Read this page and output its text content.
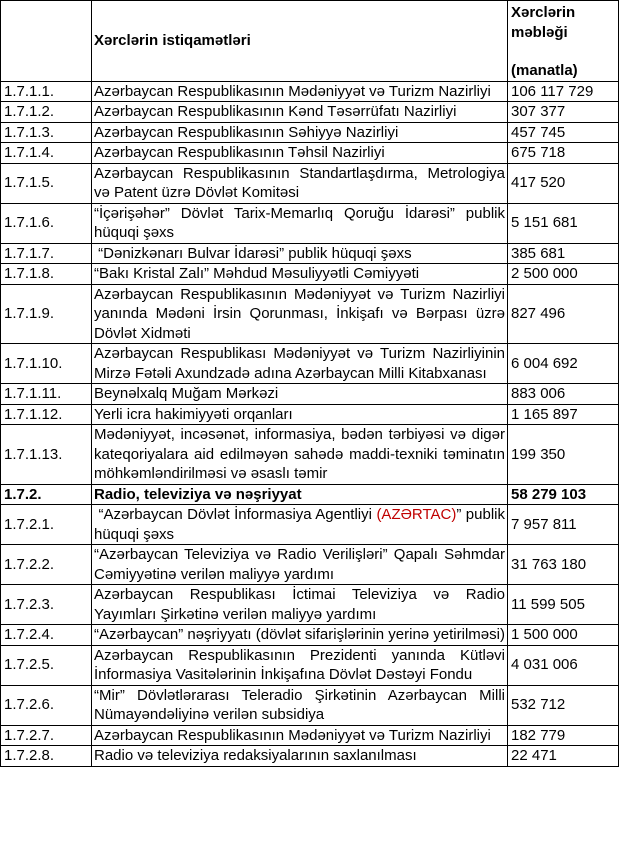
	Xərclərin istiqamətləri	Xərclərin məbləği
(manatla)

1.7.1.1.	Azərbaycan Respublikasının Mədəniyyət və Turizm Nazirliyi	106 117 729
1.7.1.2.	Azərbaycan Respublikasının Kənd Təsərrüfatı Nazirliyi	307 377
1.7.1.3.	Azərbaycan Respublikasının Səhiyyə Nazirliyi	457 745
1.7.1.4.	Azərbaycan Respublikasının Təhsil Nazirliyi	675 718
1.7.1.5.	Azərbaycan Respublikasının Standartlaşdırma, Metrologiya və Patent üzrə Dövlət Komitəsi	417 520
1.7.1.6.	“İçərişəhər” Dövlət Tarix-Memarlıq Qoruğu İdarəsi” publik hüquqi şəxs	5 151 681
1.7.1.7.	“Dənizkənarı Bulvar İdarəsi” publik hüquqi şəxs	385 681
1.7.1.8.	“Bakı Kristal Zalı” Məhdud Məsuliyyətli Cəmiyyəti	2 500 000
1.7.1.9.	Azərbaycan Respublikasının Mədəniyyət və Turizm Nazirliyi yanında Mədəni İrsin Qorunması, İnkişafı və Bərpası üzrə Dövlət Xidməti	827 496
1.7.1.10.	Azərbaycan Respublikası Mədəniyyət və Turizm Nazirliyinin Mirzə Fətəli Axundzadə adına Azərbaycan Milli Kitabxanası	6 004 692
1.7.1.11.	Beynəlxalq Muğam Mərkəzi	883 006
1.7.1.12.	Yerli icra hakimiyyəti orqanları	1 165 897
1.7.1.13.	Mədəniyyət, incəsənət, informasiya, bədən tərbiyəsi və digər kateqoriyalara aid edilməyən sahədə maddi-texniki təminatın möhkəmləndirilməsi və əsaslı təmir	199 350
1.7.2.	Radio, televiziya və nəşriyyat	58 279 103
1.7.2.1.	“Azərbaycan Dövlət İnformasiya Agentliyi (AZƏRTAC)” publik hüquqi şəxs	7 957 811
1.7.2.2.	“Azərbaycan Televiziya və Radio Verilişləri” Qapalı Səhmdar Cəmiyyətinə verilən maliyyə yardımı	31 763 180
1.7.2.3.	Azərbaycan Respublikası İctimai Televiziya və Radio Yayımları Şirkətinə verilən maliyyə yardımı	11 599 505
1.7.2.4.	“Azərbaycan” nəşriyyatı (dövlət sifarişlərinin yerinə yetirilməsi)	1 500 000
1.7.2.5.	Azərbaycan Respublikasının Prezidenti yanında Kütləvi İnformasiya Vasitələrinin İnkişafına Dövlət Dəstəyi Fondu	4 031 006
1.7.2.6.	“Mir” Dövlətlərarası Teleradio Şirkətinin Azərbaycan Milli Nümayəndəliyinə verilən subsidiya	532 712
1.7.2.7.	Azərbaycan Respublikasının Mədəniyyət və Turizm Nazirliyi	182 779
1.7.2.8.	Radio və televiziya redaksiyalarının saxlanılması	22 471
